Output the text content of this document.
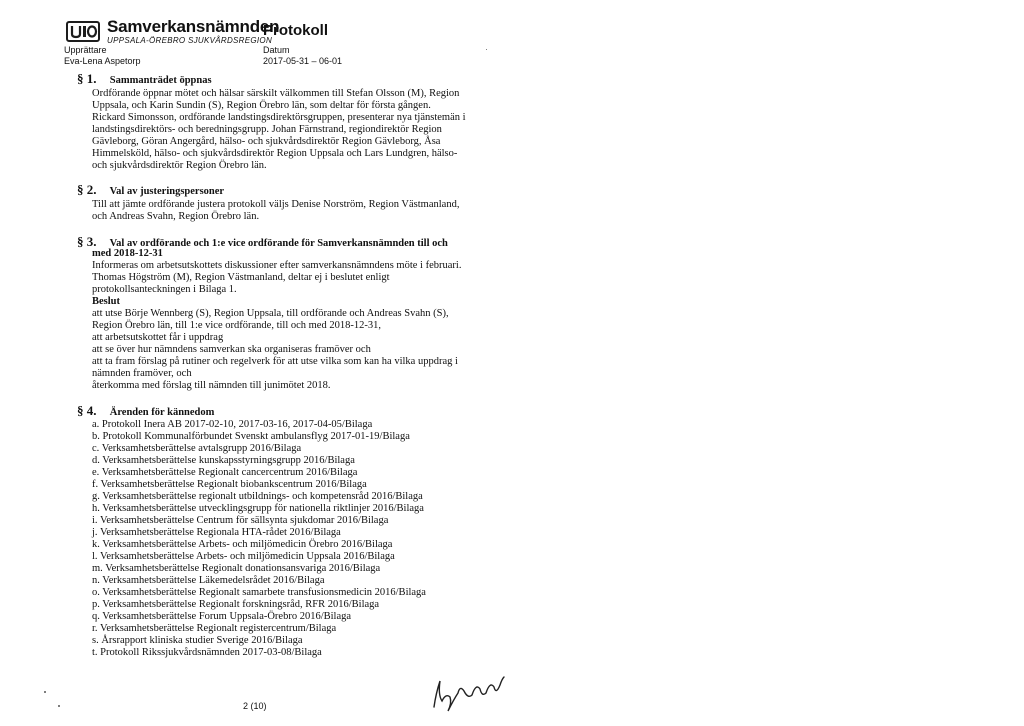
Samverkansnämnden
UPPSALA-ÖREBRO SJUKVÅRDSREGION
Upprättare
Eva-Lena Aspetorp
Protokoll
Datum
2017-05-31 – 06-01
§ 1. Sammanträdet öppnas
Ordförande öppnar mötet och hälsar särskilt välkommen till Stefan Olsson (M), Region
Uppsala, och Karin Sundin (S), Region Örebro län, som deltar för första gången.
Rickard Simonsson, ordförande landstingsdirektörsgruppen, presenterar nya tjänstemän i
landstingsdirektörs- och beredningsgrupp. Johan Färnstrand, regiondirektör Region
Gävleborg, Göran Angergård, hälso- och sjukvårdsdirektör Region Gävleborg, Åsa
Himmelsköld, hälso- och sjukvårdsdirektör Region Uppsala och Lars Lundgren, hälso-
och sjukvårdsdirektör Region Örebro län.
§ 2. Val av justeringspersoner
Till att jämte ordförande justera protokoll väljs Denise Norström, Region Västmanland,
och Andreas Svahn, Region Örebro län.
§ 3. Val av ordförande och 1:e vice ordförande för Samverkansnämnden till och
med 2018-12-31
Informeras om arbetsutskottets diskussioner efter samverkansnämndens möte i februari.
Thomas Högström (M), Region Västmanland, deltar ej i beslutet enligt
protokollsanteckningen i Bilaga 1.
Beslut
att utse Börje Wennberg (S), Region Uppsala, till ordförande och Andreas Svahn (S),
Region Örebro län, till 1:e vice ordförande, till och med 2018-12-31,
att arbetsutskottet får i uppdrag
att se över hur nämndens samverkan ska organiseras framöver och
att ta fram förslag på rutiner och regelverk för att utse vilka som kan ha vilka uppdrag i
nämnden framöver, och
återkomma med förslag till nämnden till junimötet 2018.
§ 4. Ärenden för kännedom
a. Protokoll Inera AB 2017-02-10, 2017-03-16, 2017-04-05/Bilaga
b. Protokoll Kommunalförbundet Svenskt ambulansflyg 2017-01-19/Bilaga
c. Verksamhetsberättelse avtalsgrupp 2016/Bilaga
d. Verksamhetsberättelse kunskapsstyrningsgrupp 2016/Bilaga
e. Verksamhetsberättelse Regionalt cancercentrum 2016/Bilaga
f. Verksamhetsberättelse Regionalt biobankscentrum 2016/Bilaga
g. Verksamhetsberättelse regionalt utbildnings- och kompetensråd 2016/Bilaga
h. Verksamhetsberättelse utvecklingsgrupp för nationella riktlinjer 2016/Bilaga
i. Verksamhetsberättelse Centrum för sällsynta sjukdomar 2016/Bilaga
j. Verksamhetsberättelse Regionala HTA-rådet 2016/Bilaga
k. Verksamhetsberättelse Arbets- och miljömedicin Örebro 2016/Bilaga
l. Verksamhetsberättelse Arbets- och miljömedicin Uppsala 2016/Bilaga
m. Verksamhetsberättelse Regionalt donationsansvariga 2016/Bilaga
n. Verksamhetsberättelse Läkemedelsrådet 2016/Bilaga
o. Verksamhetsberättelse Regionalt samarbete transfusionsmedicin 2016/Bilaga
p. Verksamhetsberättelse Regionalt forskningsråd, RFR 2016/Bilaga
q. Verksamhetsberättelse Forum Uppsala-Örebro 2016/Bilaga
r. Verksamhetsberättelse Regionalt registercentrum/Bilaga
s. Årsrapport kliniska studier Sverige 2016/Bilaga
t. Protokoll Rikssjukvårdsnämnden 2017-03-08/Bilaga
2 (10)
